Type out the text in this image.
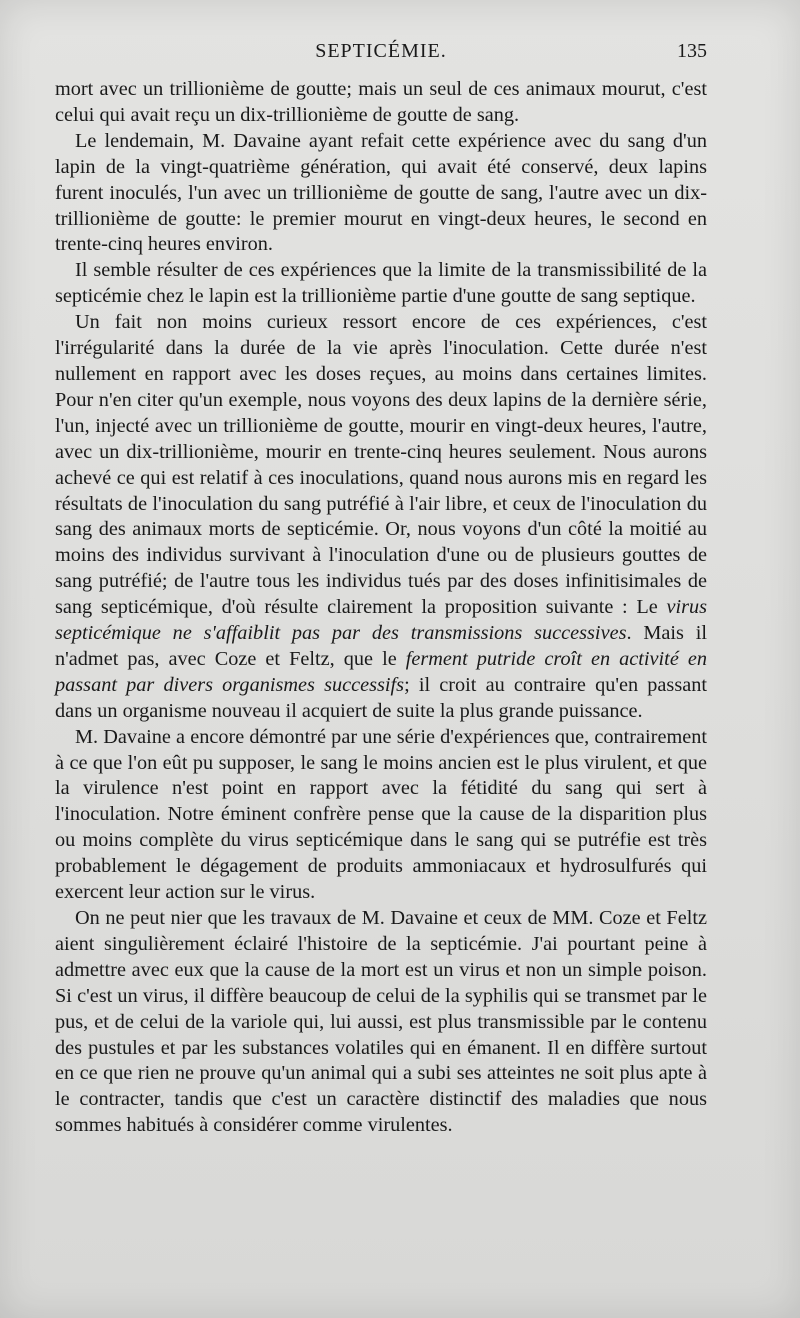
SEPTICÉMIE.	135

mort avec un trillionième de goutte; mais un seul de ces animaux mourut, c'est celui qui avait reçu un dix-trillionième de goutte de sang.

Le lendemain, M. Davaine ayant refait cette expérience avec du sang d'un lapin de la vingt-quatrième génération, qui avait été conservé, deux lapins furent inoculés, l'un avec un trillionième de goutte de sang, l'autre avec un dix-trillionième de goutte: le premier mourut en vingt-deux heures, le second en trente-cinq heures environ.

Il semble résulter de ces expériences que la limite de la transmissibilité de la septicémie chez le lapin est la trillionième partie d'une goutte de sang septique.

Un fait non moins curieux ressort encore de ces expériences, c'est l'irrégularité dans la durée de la vie après l'inoculation. Cette durée n'est nullement en rapport avec les doses reçues, au moins dans certaines limites. Pour n'en citer qu'un exemple, nous voyons des deux lapins de la dernière série, l'un, injecté avec un trillionième de goutte, mourir en vingt-deux heures, l'autre, avec un dix-trillionième, mourir en trente-cinq heures seulement. Nous aurons achevé ce qui est relatif à ces inoculations, quand nous aurons mis en regard les résultats de l'inoculation du sang putréfié à l'air libre, et ceux de l'inoculation du sang des animaux morts de septicémie. Or, nous voyons d'un côté la moitié au moins des individus survivant à l'inoculation d'une ou de plusieurs gouttes de sang putréfié; de l'autre tous les individus tués par des doses infinitisimales de sang septicémique, d'où résulte clairement la proposition suivante : Le virus septicémique ne s'affaiblit pas par des transmissions successives. Mais il n'admet pas, avec Coze et Feltz, que le ferment putride croît en activité en passant par divers organismes successifs; il croit au contraire qu'en passant dans un organisme nouveau il acquiert de suite la plus grande puissance.

M. Davaine a encore démontré par une série d'expériences que, contrairement à ce que l'on eût pu supposer, le sang le moins ancien est le plus virulent, et que la virulence n'est point en rapport avec la fétidité du sang qui sert à l'inoculation. Notre éminent confrère pense que la cause de la disparition plus ou moins complète du virus septicémique dans le sang qui se putréfie est très probablement le dégagement de produits ammoniacaux et hydrosulfurés qui exercent leur action sur le virus.

On ne peut nier que les travaux de M. Davaine et ceux de MM. Coze et Feltz aient singulièrement éclairé l'histoire de la septicémie. J'ai pourtant peine à admettre avec eux que la cause de la mort est un virus et non un simple poison. Si c'est un virus, il diffère beaucoup de celui de la syphilis qui se transmet par le pus, et de celui de la variole qui, lui aussi, est plus transmissible par le contenu des pustules et par les substances volatiles qui en émanent. Il en diffère surtout en ce que rien ne prouve qu'un animal qui a subi ses atteintes ne soit plus apte à le contracter, tandis que c'est un caractère distinctif des maladies que nous sommes habitués à considérer comme virulentes.
